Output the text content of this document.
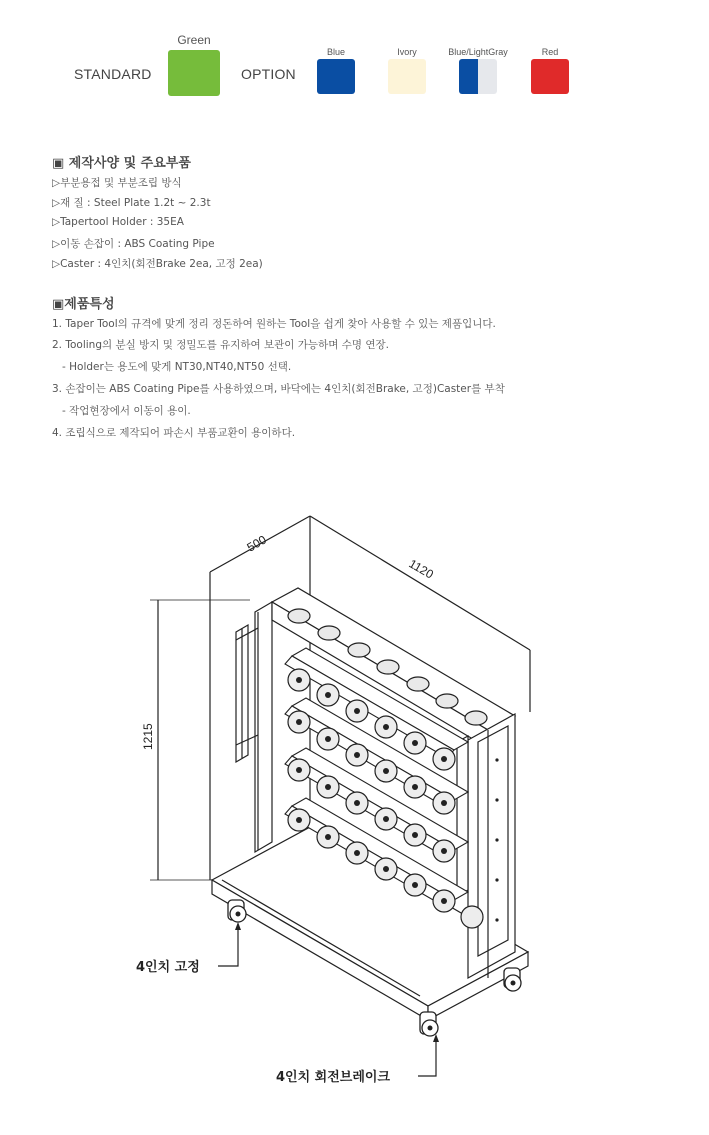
STANDARD
Green
OPTION
Blue	Ivory	Blue/LightGray	Red
▣ 제작사양 및 주요부품
▷부분용접 및 부분조립 방식
▷재 질 : Steel Plate 1.2t ~ 2.3t
▷Tapertool Holder : 35EA
▷이동 손잡이 : ABS Coating Pipe
▷Caster : 4인치(회전Brake 2ea, 고정 2ea)
▣제품특성
1. Taper Tool의 규격에 맞게 정리 정돈하여 원하는 Tool을 쉽게 찾아 사용할 수 있는 제품입니다.
2. Tooling의 분실 방지 및 정밀도를 유지하여 보관이 가능하며 수명 연장.
- Holder는 용도에 맞게 NT30,NT40,NT50 선택.
3. 손잡이는 ABS Coating Pipe를 사용하였으며, 바닥에는 4인치(회전Brake, 고정)Caster를 부착
- 작업현장에서 이동이 용이.
4. 조립식으로 제작되어 파손시 부품교환이 용이하다.
500
1120
1215
4인치 고정
4인치 회전브레이크
